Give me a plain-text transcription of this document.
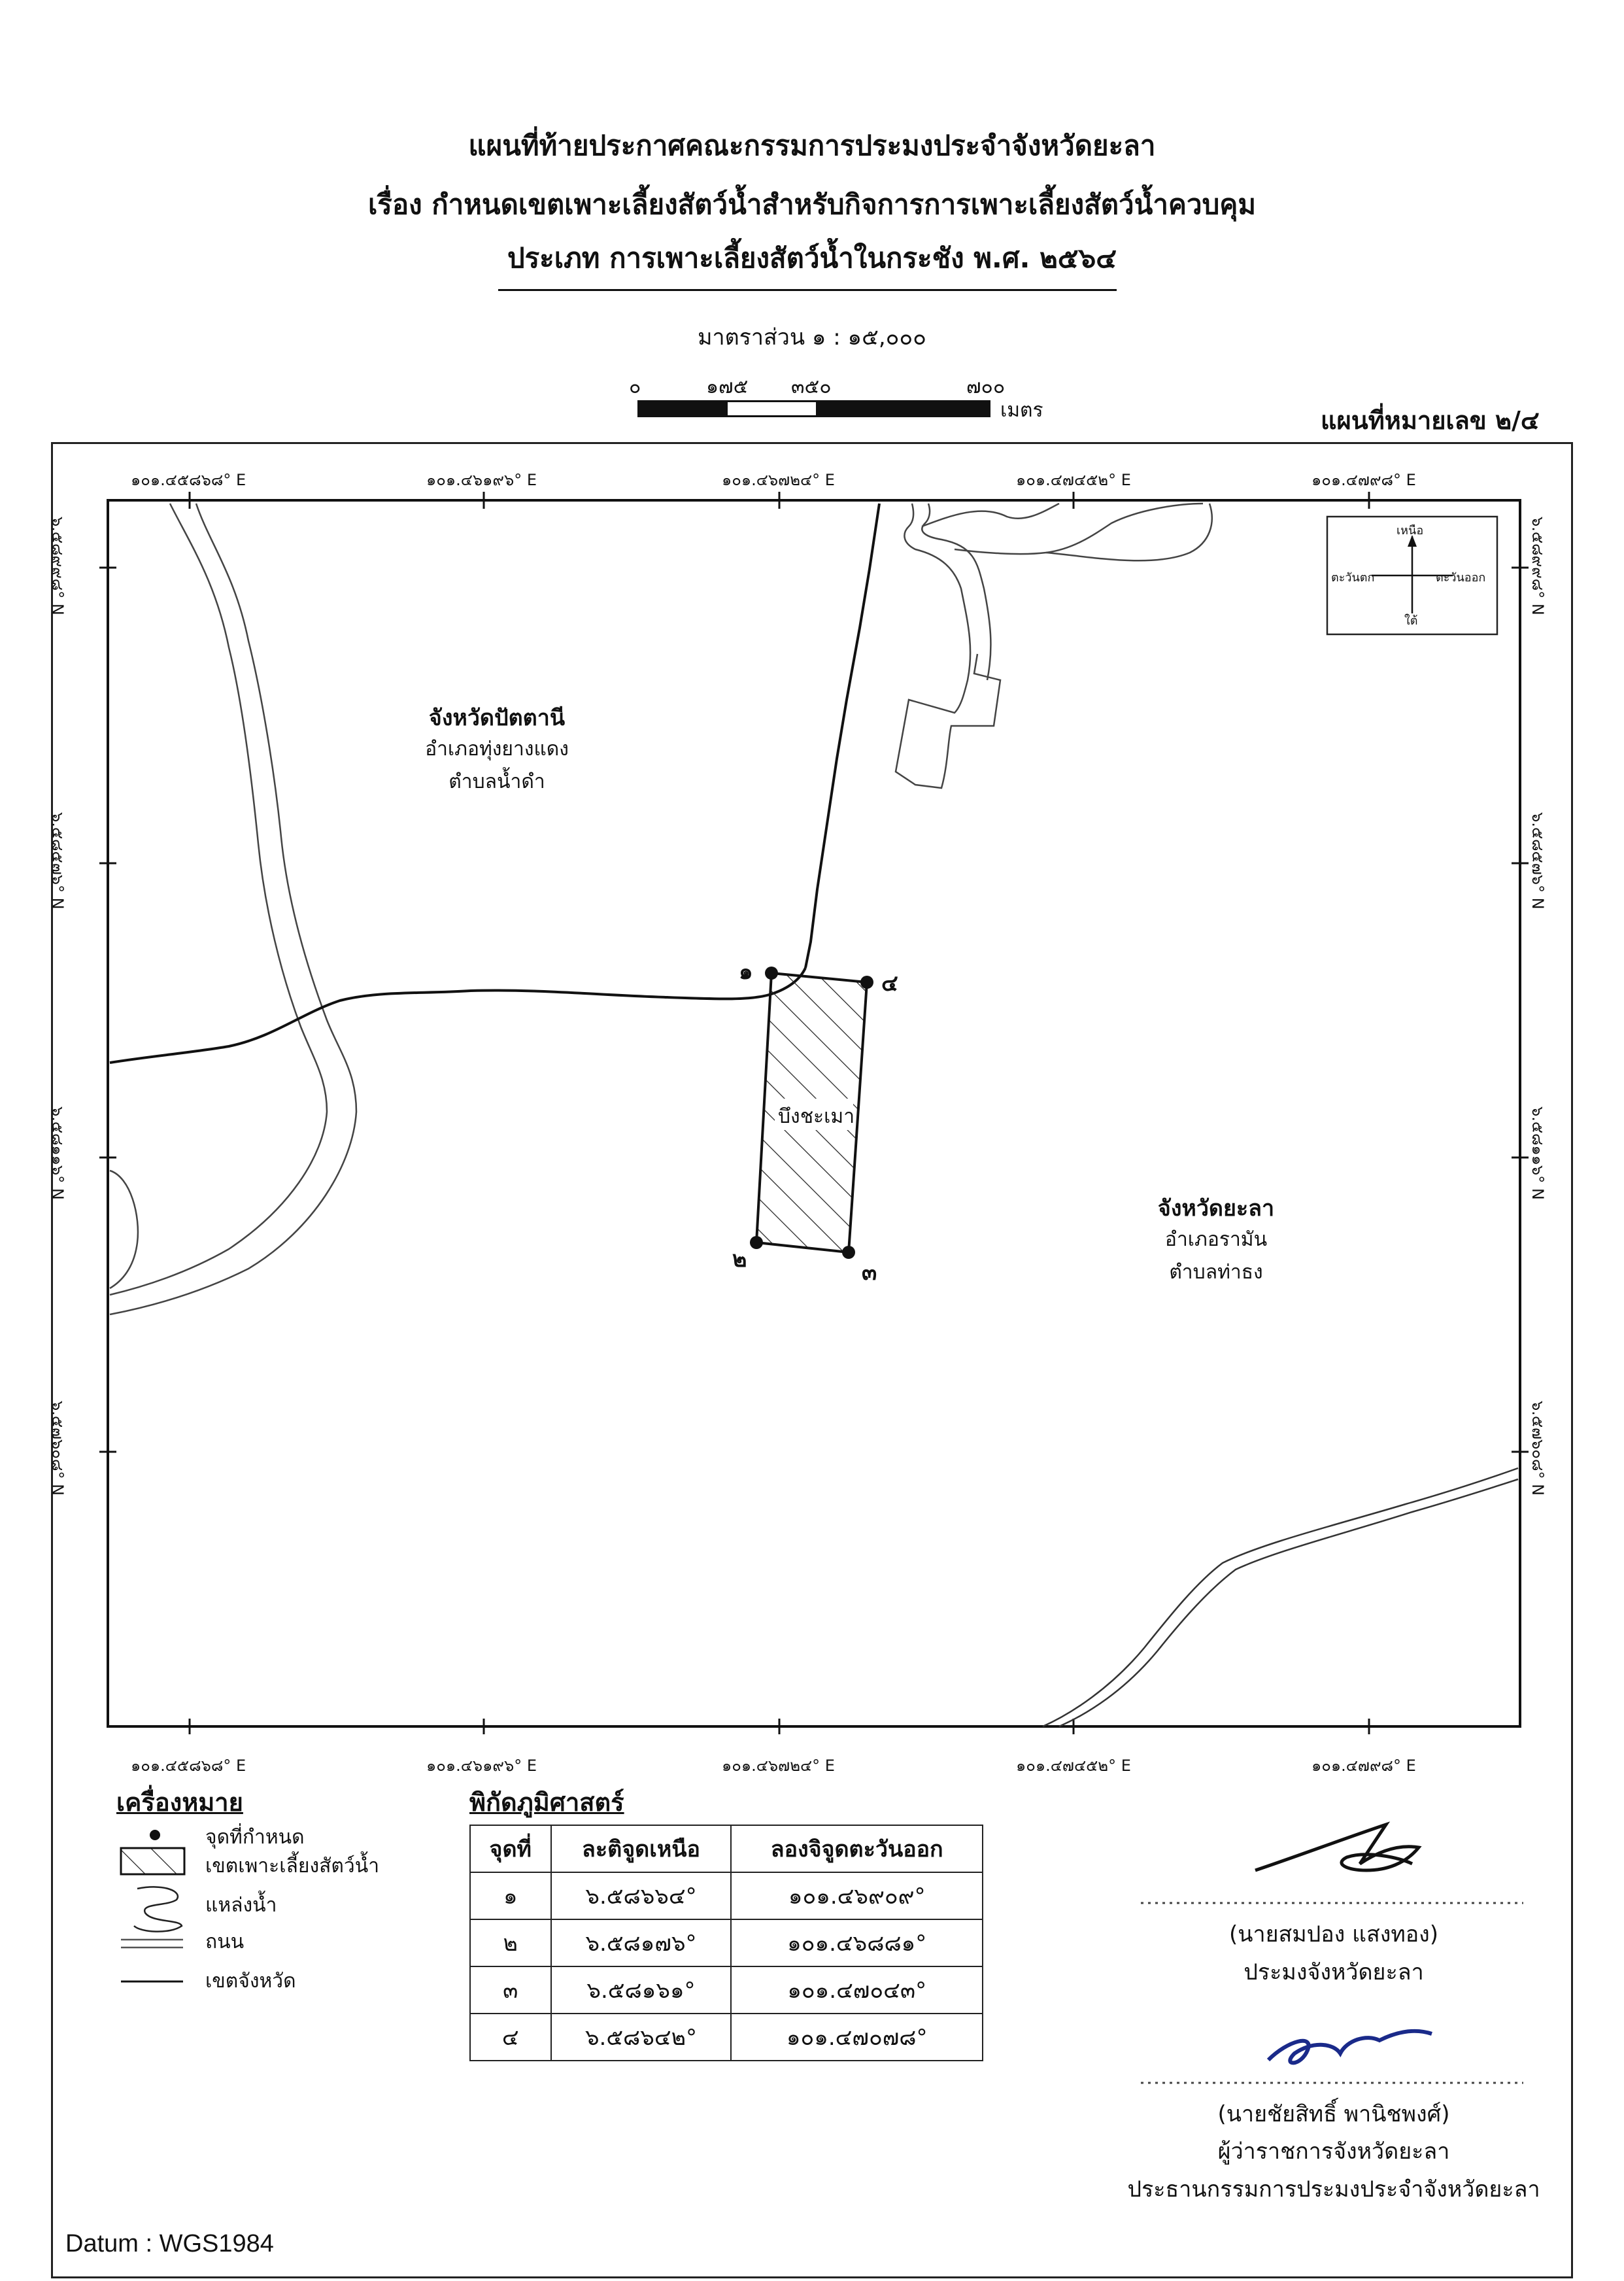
แผนที่ท้ายประกาศคณะกรรมการประมงประจำจังหวัดยะลา
เรื่อง กำหนดเขตเพาะเลี้ยงสัตว์น้ำสำหรับกิจการการเพาะเลี้ยงสัตว์น้ำควบคุม
ประเภท การเพาะเลี้ยงสัตว์น้ำในกระชัง พ.ศ. ๒๕๖๔
มาตราส่วน ๑ : ๑๕,๐๐๐
๐	๑๗๕ ๓๕๐	๗๐๐
เมตร	แผนที่หมายเลข ๒/๔
๑๐๑.๔๕๘๖๘° E	๑๐๑.๔๖๑๙๖° E	๑๐๑.๔๖๗๒๔° E	๑๐๑.๔๗๔๕๒° E	๑๐๑.๔๗๙๘° E
๑๐๑.๔๕๘๖๘° E	๑๐๑.๔๖๑๙๖° E	๑๐๑.๔๖๗๒๔° E	๑๐๑.๔๗๔๕๒° E	๑๐๑.๔๗๙๘° E
๖.๕๘๙๙๘° N
๖.๕๘๕๗๖° N
๖.๕๘๑๑๖° N
๖.๕๗๖๐๘° N
๖.๕๘๙๙๘° N
๖.๕๘๕๗๖° N
๖.๕๘๑๑๖° N
๖.๕๗๖๐๘° N
เหนือ
ตะวันตก	ตะวันออก
ใต้
จังหวัดปัตตานี
อำเภอทุ่งยางแดง
ตำบลน้ำดำ
จังหวัดยะลา
อำเภอรามัน
ตำบลท่าธง
บึงชะเมา
๑	๔
๒	๓
เครื่องหมาย
จุดที่กำหนด
เขตเพาะเลี้ยงสัตว์น้ำ
แหล่งน้ำ
ถนน
เขตจังหวัด
พิกัดภูมิศาสตร์
จุดที่	ละติจูดเหนือ	ลองจิจูดตะวันออก
๑	๖.๕๘๖๖๔°	๑๐๑.๔๖๙๐๙°
๒	๖.๕๘๑๗๖°	๑๐๑.๔๖๘๘๑°
๓	๖.๕๘๑๖๑°	๑๐๑.๔๗๐๔๓°
๔	๖.๕๘๖๔๒°	๑๐๑.๔๗๐๗๘°
(นายสมปอง แสงทอง)
ประมงจังหวัดยะลา
(นายชัยสิทธิ์ พานิชพงศ์)
ผู้ว่าราชการจังหวัดยะลา
ประธานกรรมการประมงประจำจังหวัดยะลา
Datum : WGS1984
